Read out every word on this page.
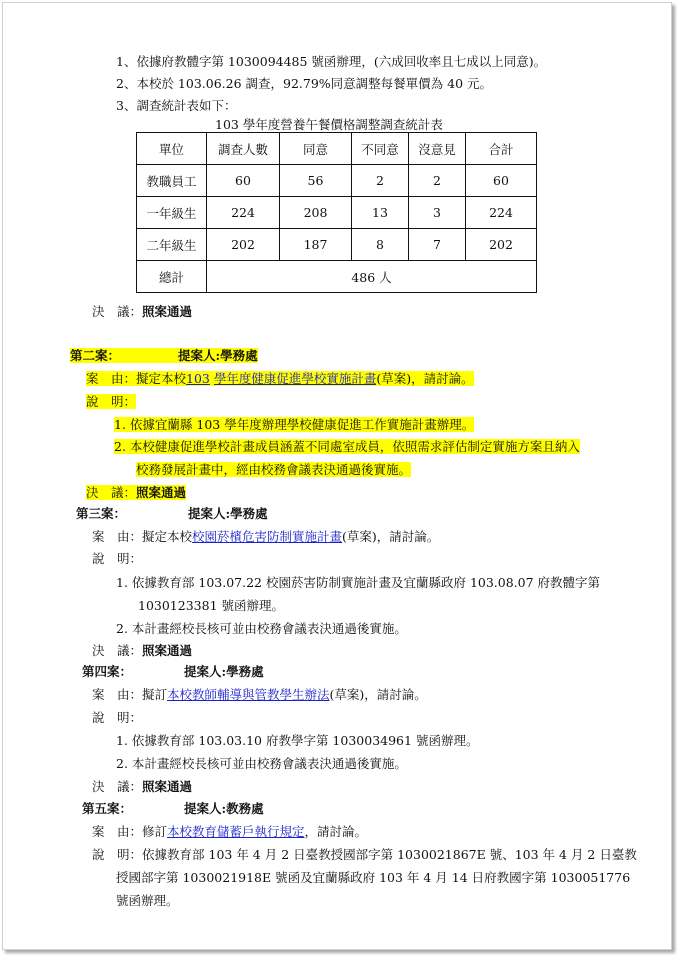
1、依據府教體字第 1030094485 號函辦理，(六成回收率且七成以上同意)。
2、本校於 103.06.26 調查，92.79%同意調整每餐單價為 40 元。
3、調查統計表如下：
103 學年度營養午餐價格調整調查統計表
單位	調查人數	同意	不同意	沒意見	合計
教職員工	60	56	2	2	60
一年級生	224	208	13	3	224
二年級生	202	187	8	7	202
總計	486 人				
決　議：照案通過
第二案：	提案人:學務處
案　由：擬定本校103 學年度健康促進學校實施計畫(草案)，請討論。
說　明：
1. 依據宜蘭縣 103 學年度辦理學校健康促進工作實施計畫辦理。
2. 本校健康促進學校計畫成員涵蓋不同處室成員，依照需求評估制定實施方案且納入
校務發展計畫中，經由校務會議表決通過後實施。
決　議：照案通過
第三案：	提案人:學務處
案　由：擬定本校校園菸檳危害防制實施計畫(草案)，請討論。
說　明：
1. 依據教育部 103.07.22 校園菸害防制實施計畫及宜蘭縣政府 103.08.07 府教體字第
1030123381 號函辦理。
2. 本計畫經校長核可並由校務會議表決通過後實施。
決　議：照案通過
第四案：	提案人:學務處
案　由：擬訂本校教師輔導與管教學生辦法(草案)，請討論。
說　明：
1. 依據教育部 103.03.10 府教學字第 1030034961 號函辦理。
2. 本計畫經校長核可並由校務會議表決通過後實施。
決　議：照案通過
第五案：	提案人:教務處
案　由：修訂本校教育儲蓄戶執行規定，請討論。
說　明：依據教育部 103 年 4 月 2 日臺教授國部字第 1030021867E 號、103 年 4 月 2 日臺教
授國部字第 1030021918E 號函及宜蘭縣政府 103 年 4 月 14 日府教國字第 1030051776
號函辦理。
